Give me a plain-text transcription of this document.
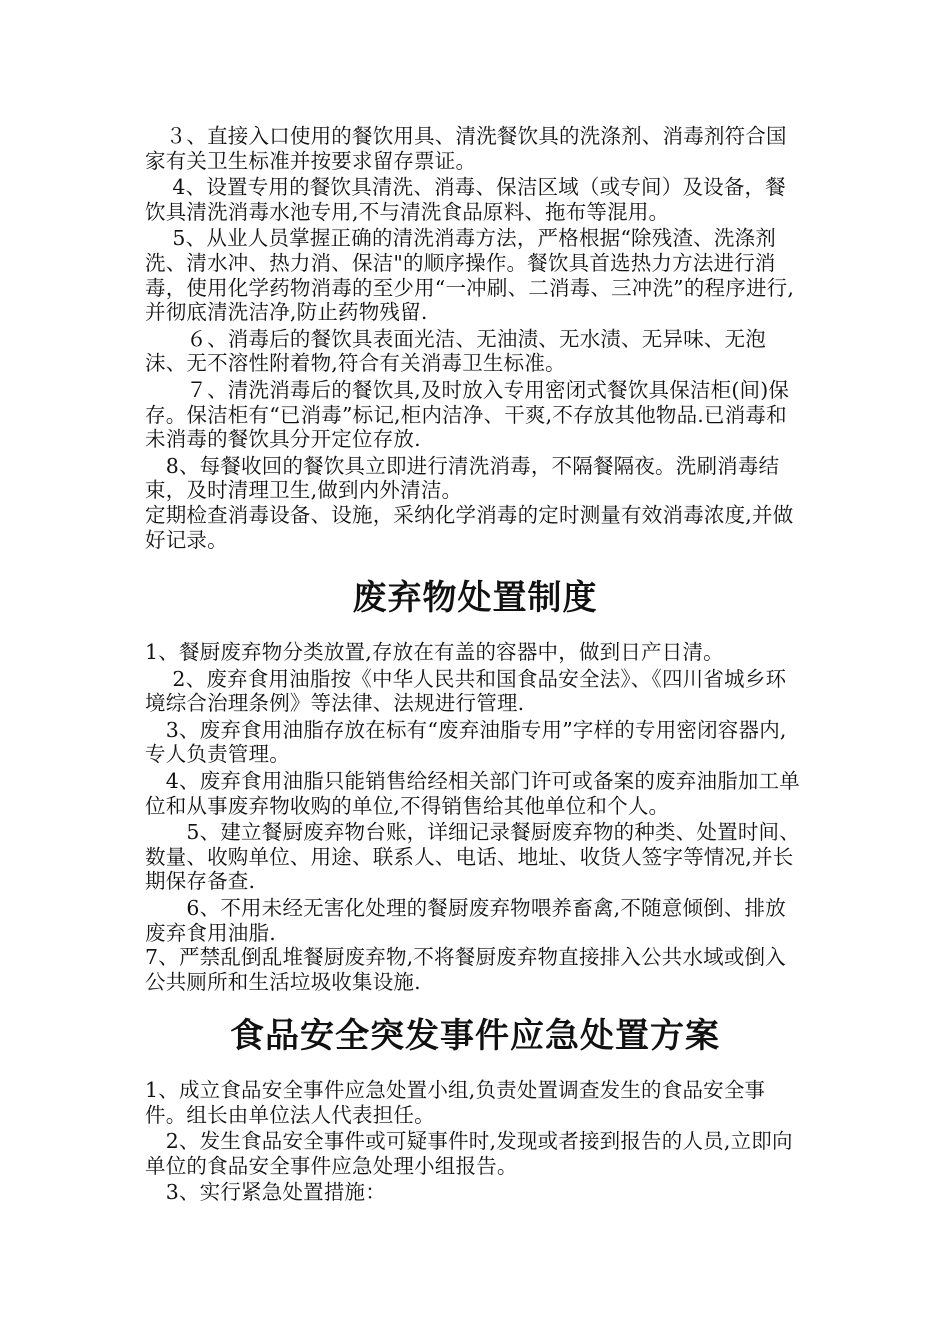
　３、直接入口使用的餐饮用具、清洗餐饮具的洗涤剂、消毒剂符合国家有关卫生标准并按要求留存票证。

　 4、设置专用的餐饮具清洗、消毒、保洁区域（或专间）及设备，餐饮具清洗消毒水池专用,不与清洗食品原料、拖布等混用。

　 5、从业人员掌握正确的清洗消毒方法，严格根据“除残渣、洗涤剂洗、清水冲、热力消、保洁"的顺序操作。餐饮具首选热力方法进行消毒，使用化学药物消毒的至少用“一冲刷、二消毒、三冲洗”的程序进行,并彻底清洗洁净,防止药物残留.

　　６、消毒后的餐饮具表面光洁、无油渍、无水渍、无异味、无泡沫、无不溶性附着物,符合有关消毒卫生标准。

　　７、清洗消毒后的餐饮具,及时放入专用密闭式餐饮具保洁柜(间)保存。保洁柜有“已消毒”标记,柜内洁净、干爽,不存放其他物品.已消毒和未消毒的餐饮具分开定位存放.

　8、每餐收回的餐饮具立即进行清洗消毒，不隔餐隔夜。洗刷消毒结束，及时清理卫生,做到内外清洁。

定期检查消毒设备、设施，采纳化学消毒的定时测量有效消毒浓度,并做好记录。

废弃物处置制度

1、餐厨废弃物分类放置,存放在有盖的容器中，做到日产日清。

　 2、废弃食用油脂按《中华人民共和国食品安全法》、《四川省城乡环境综合治理条例》等法律、法规进行管理.

　3、废弃食用油脂存放在标有“废弃油脂专用”字样的专用密闭容器内,专人负责管理。

　4、废弃食用油脂只能销售给经相关部门许可或备案的废弃油脂加工单位和从事废弃物收购的单位,不得销售给其他单位和个人。

　　5、建立餐厨废弃物台账，详细记录餐厨废弃物的种类、处置时间、数量、收购单位、用途、联系人、电话、地址、收货人签字等情况,并长期保存备查.

　　6、不用未经无害化处理的餐厨废弃物喂养畜禽,不随意倾倒、排放废弃食用油脂.

7、严禁乱倒乱堆餐厨废弃物,不将餐厨废弃物直接排入公共水域或倒入公共厕所和生活垃圾收集设施.

食品安全突发事件应急处置方案

1、成立食品安全事件应急处置小组,负责处置调查发生的食品安全事件。组长由单位法人代表担任。

　2、发生食品安全事件或可疑事件时,发现或者接到报告的人员,立即向单位的食品安全事件应急处理小组报告。

　3、实行紧急处置措施：
